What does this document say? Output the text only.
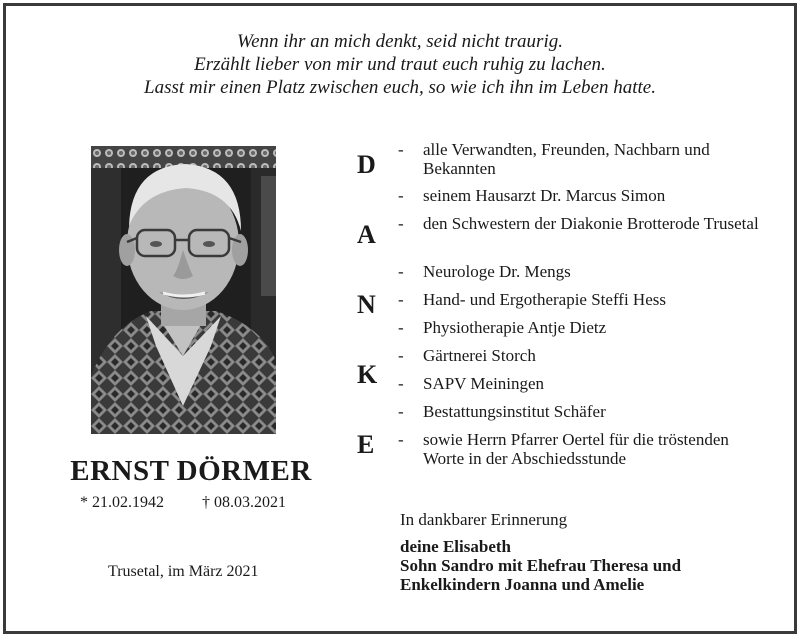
Wenn ihr an mich denkt, seid nicht traurig.
Erzählt lieber von mir und traut euch ruhig zu lachen.
Lasst mir einen Platz zwischen euch, so wie ich ihn im Leben hatte.
ERNST DÖRMER
* 21.02.1942 † 08.03.2021
Trusetal, im März 2021
D
A
N
K
E
- alle Verwandten, Freunden, Nachbarn und Bekannten
- seinem Hausarzt Dr. Marcus Simon
- den Schwestern der Diakonie Brotterode Trusetal
- Neurologe Dr. Mengs
- Hand- und Ergotherapie Steffi Hess
- Physiotherapie Antje Dietz
- Gärtnerei Storch
- SAPV Meiningen
- Bestattungsinstitut Schäfer
- sowie Herrn Pfarrer Oertel für die tröstenden Worte in der Abschiedsstunde
In dankbarer Erinnerung
deine Elisabeth
Sohn Sandro mit Ehefrau Theresa und
Enkelkindern Joanna und Amelie
